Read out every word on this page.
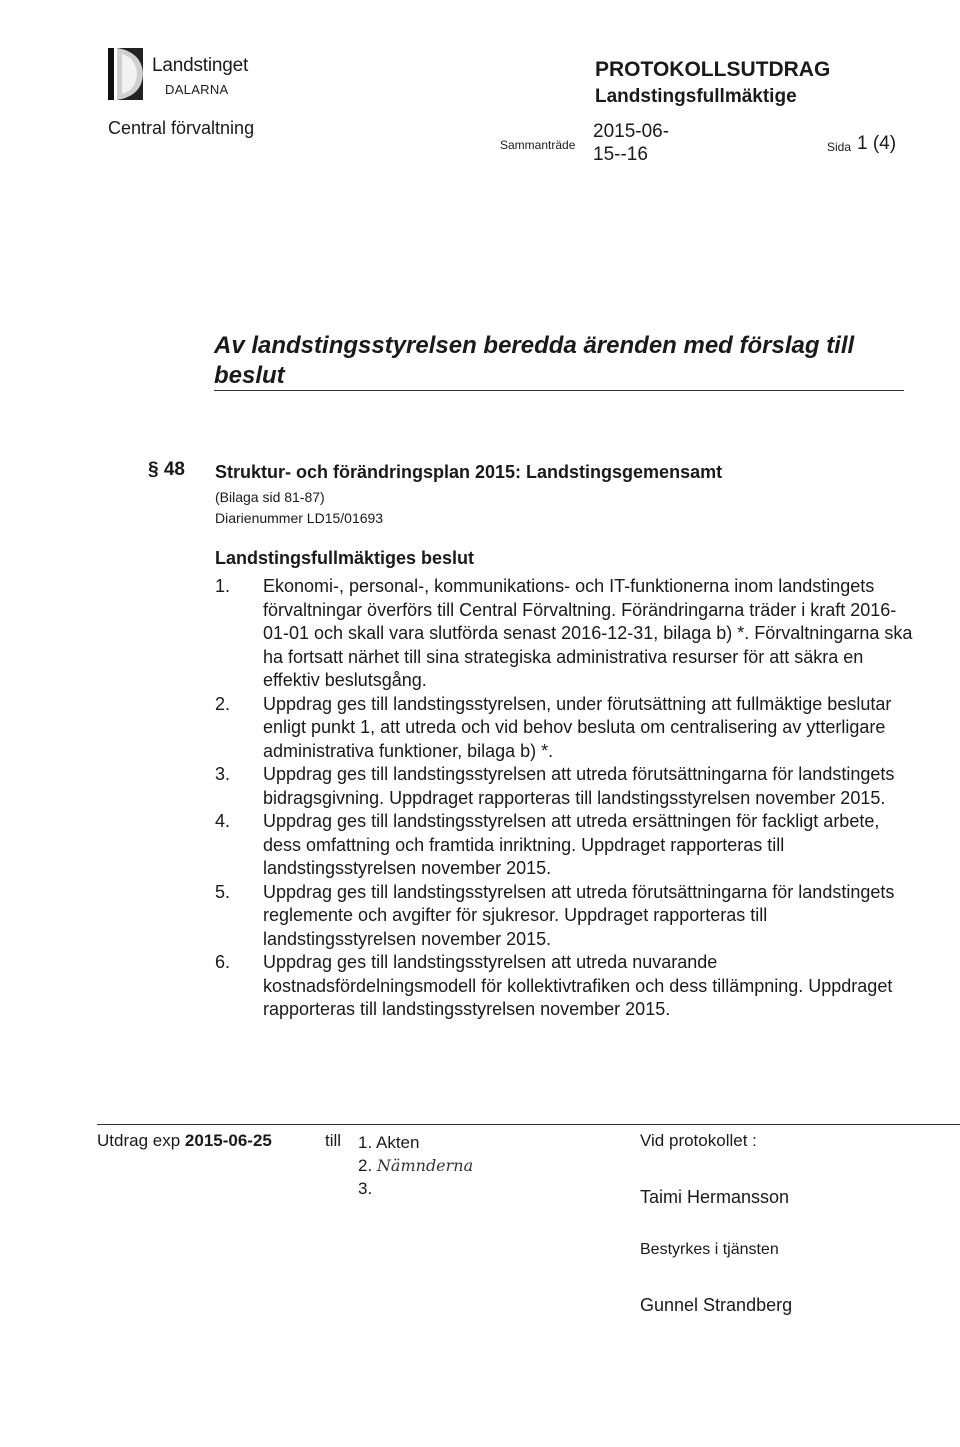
Landstinget
DALARNA
Central förvaltning
PROTOKOLLSUTDRAG
Landstingsfullmäktige
Sammanträde
2015-06-
15--16	Sida 1 (4)
Av landstingsstyrelsen beredda ärenden med förslag till beslut
§ 48 Struktur- och förändringsplan 2015: Landstingsgemensamt
(Bilaga sid 81-87)
Diarienummer LD15/01693
Landstingsfullmäktiges beslut
1.	Ekonomi-, personal-, kommunikations- och IT-funktionerna inom landstingets förvaltningar överförs till Central Förvaltning. Förändringarna träder i kraft 2016-01-01 och skall vara slutförda senast 2016-12-31, bilaga b) *. Förvaltningarna ska ha fortsatt närhet till sina strategiska administrativa resurser för att säkra en effektiv beslutsgång.
2.	Uppdrag ges till landstingsstyrelsen, under förutsättning att fullmäktige beslutar enligt punkt 1, att utreda och vid behov besluta om centralisering av ytterligare administrativa funktioner, bilaga b) *.
3.	Uppdrag ges till landstingsstyrelsen att utreda förutsättningarna för landstingets bidragsgivning. Uppdraget rapporteras till landstingsstyrelsen november 2015.
4.	Uppdrag ges till landstingsstyrelsen att utreda ersättningen för fackligt arbete, dess omfattning och framtida inriktning. Uppdraget rapporteras till landstingsstyrelsen november 2015.
5.	Uppdrag ges till landstingsstyrelsen att utreda förutsättningarna för landstingets reglemente och avgifter för sjukresor. Uppdraget rapporteras till landstingsstyrelsen november 2015.
6.	Uppdrag ges till landstingsstyrelsen att utreda nuvarande kostnadsfördelningsmodell för kollektivtrafiken och dess tillämpning. Uppdraget rapporteras till landstingsstyrelsen november 2015.
Utdrag exp 2015-06-25	till 1. Akten
2. Nämnderna
3.
Vid protokollet :
Taimi Hermansson
Bestyrkes i tjänsten
Gunnel Strandberg
